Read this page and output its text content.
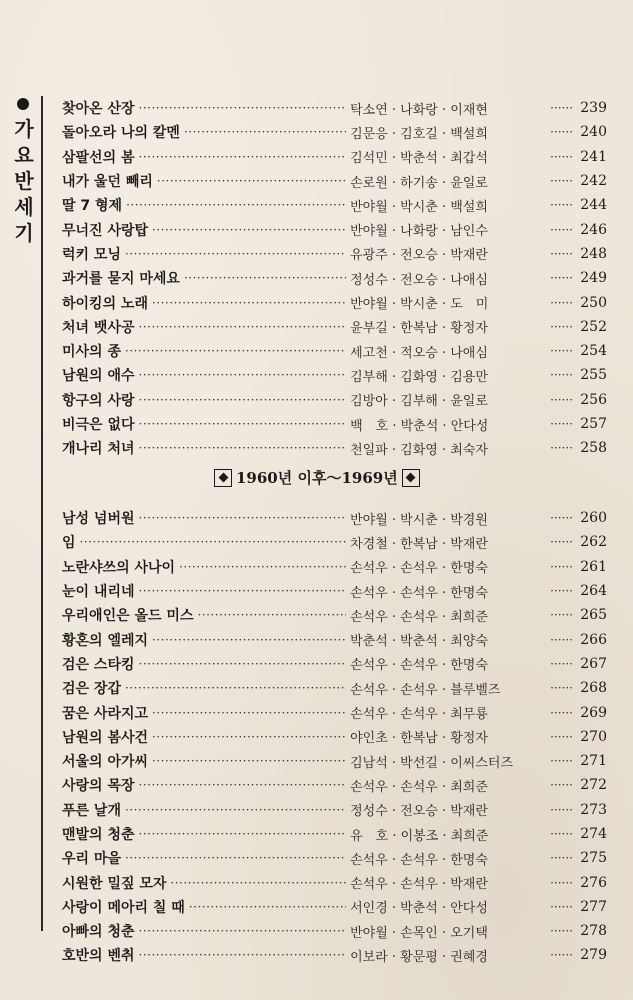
가
요
반
세
기
찾아온 산장 ·····	탁소연 · 나화랑 · 이재현	······ 239
돌아오라 나의 칼멘 ·····	김문응 · 김호길 · 백설희	······ 240
삼팔선의 봄 ·····	김석민 · 박춘석 · 최갑석	······ 241
내가 울던 빼리 ·····	손로원 · 하기송 · 윤일로	······ 242
딸 7 형제 ·····	반야월 · 박시춘 · 백설희	······ 244
무너진 사랑탑 ·····	반야월 · 나화랑 · 남인수	······ 246
럭키 모닝 ·····	유광주 · 전오승 · 박재란	······ 248
과거를 묻지 마세요 ·····	정성수 · 전오승 · 나애심	······ 249
하이킹의 노래 ·····	반야월 · 박시춘 · 도　미	······ 250
처녀 뱃사공 ·····	윤부길 · 한복남 · 황정자	······ 252
미사의 종 ·····	세고천 · 적오승 · 나애심	······ 254
남원의 애수 ·····	김부해 · 김화영 · 김용만	······ 255
항구의 사랑 ·····	김방아 · 김부해 · 윤일로	······ 256
비극은 없다 ·····	백　호 · 박춘석 · 안다성	······ 257
개나리 처녀 ·····	천일파 · 김화영 · 최숙자	······ 258
1960년 이후～1969년
남성 넘버원 ·····	반야월 · 박시춘 · 박경원	······ 260
임 ·····	차경철 · 한복남 · 박재란	······ 262
노란샤쓰의 사나이 ·····	손석우 · 손석우 · 한명숙	······ 261
눈이 내리네 ·····	손석우 · 손석우 · 한명숙	······ 264
우리애인은 올드 미스 ·····	손석우 · 손석우 · 최희준	······ 265
황혼의 엘레지 ·····	박춘석 · 박춘석 · 최양숙	······ 266
검은 스타킹 ·····	손석우 · 손석우 · 한명숙	······ 267
검은 장갑 ·····	손석우 · 손석우 · 블루벨즈	······ 268
꿈은 사라지고 ·····	손석우 · 손석우 · 최무룡	······ 269
남원의 봄사건 ·····	야인초 · 한복남 · 황정자	······ 270
서울의 아가씨 ·····	김남석 · 박선길 · 이씨스터즈	······ 271
사랑의 목장 ·····	손석우 · 손석우 · 최희준	······ 272
푸른 날개 ·····	정성수 · 전오승 · 박재란	······ 273
맨발의 청춘 ·····	유　호 · 이봉조 · 최희준	······ 274
우리 마을 ·····	손석우 · 손석우 · 한명숙	······ 275
시원한 밀짚 모자 ·····	손석우 · 손석우 · 박재란	······ 276
사랑이 메아리 칠 때 ·····	서인경 · 박춘석 · 안다성	······ 277
아빠의 청춘 ·····	반야월 · 손목인 · 오기택	······ 278
호반의 벤취 ·····	이보라 · 황문평 · 권혜경	······ 279
